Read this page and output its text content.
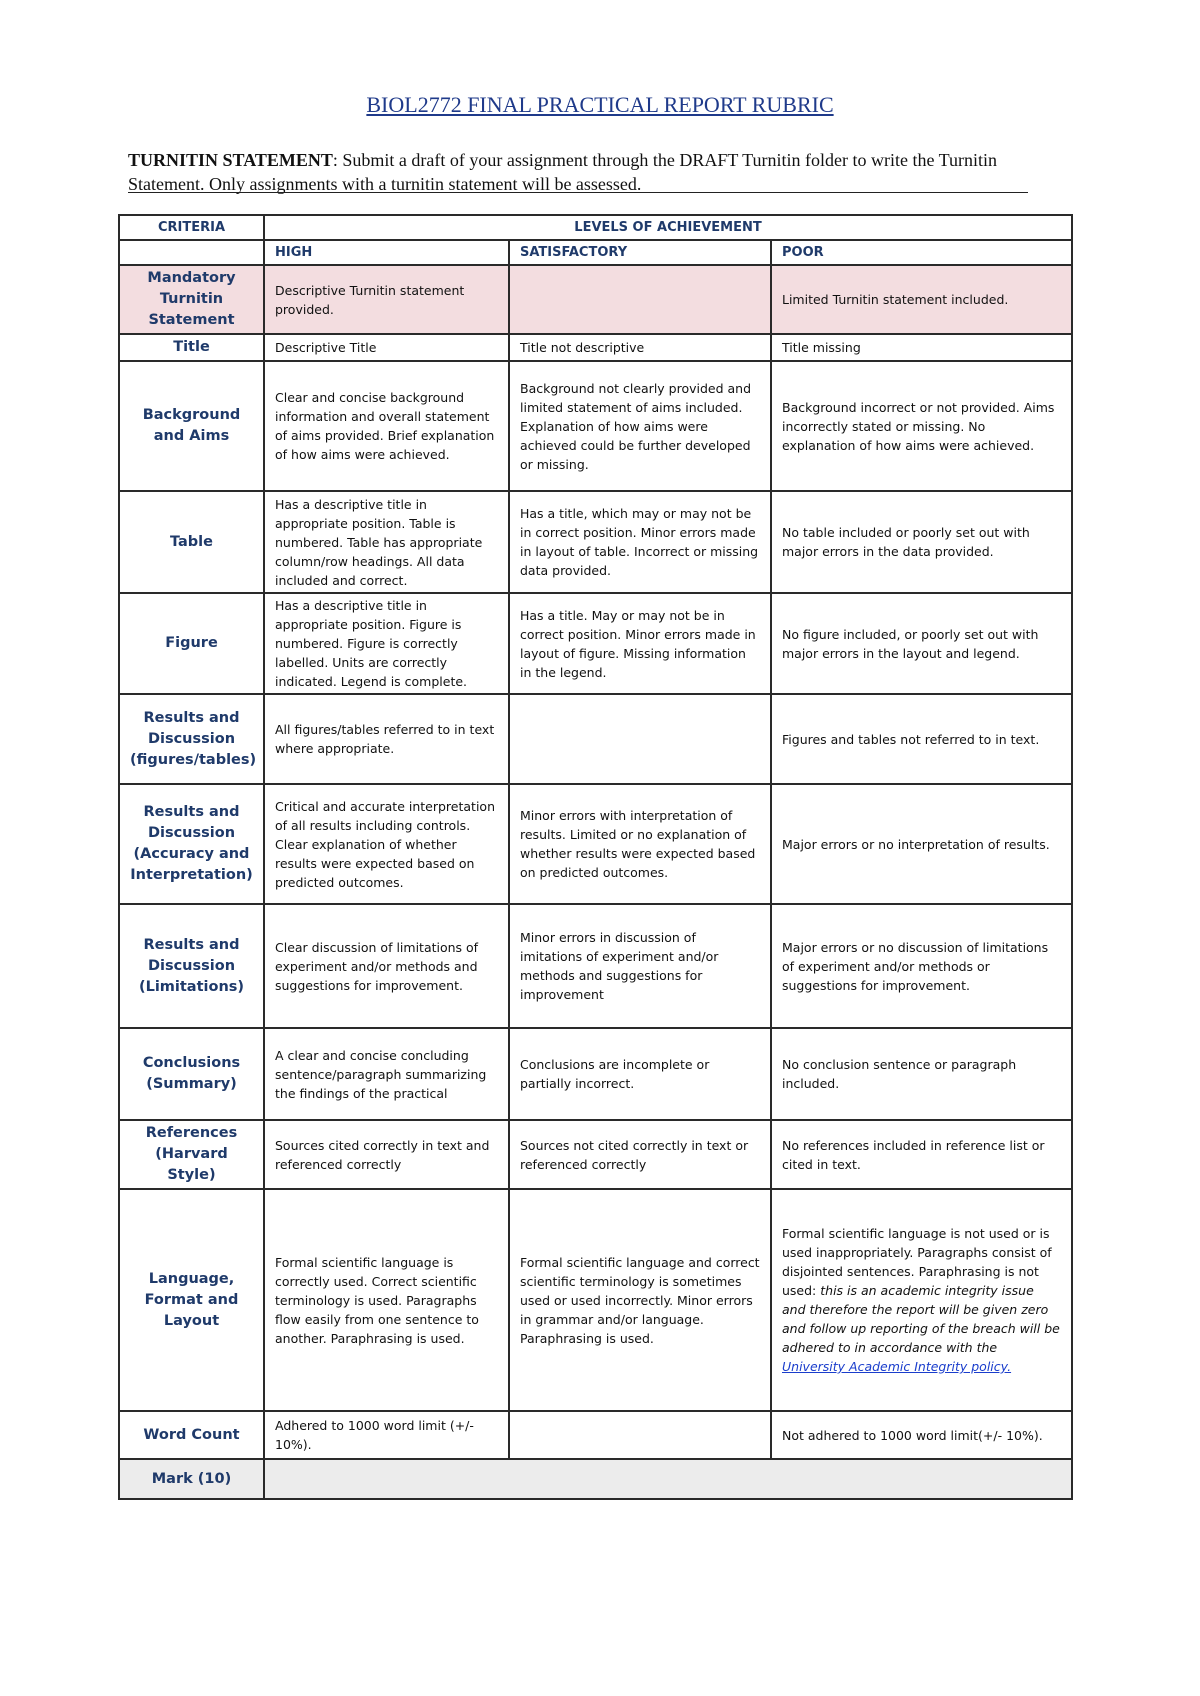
BIOL2772 FINAL PRACTICAL REPORT RUBRIC
TURNITIN STATEMENT: Submit a draft of your assignment through the DRAFT Turnitin folder to write the Turnitin Statement. Only assignments with a turnitin statement will be assessed.
CRITERIA	LEVELS OF ACHIEVEMENT		
	HIGH	SATISFACTORY	POOR
Mandatory Turnitin Statement	Descriptive Turnitin statement provided.		Limited Turnitin statement included.
Title	Descriptive Title	Title not descriptive	Title missing
Background and Aims	Clear and concise background information and overall statement of aims provided. Brief explanation of how aims were achieved.	Background not clearly provided and limited statement of aims included. Explanation of how aims were achieved could be further developed or missing.	Background incorrect or not provided. Aims incorrectly stated or missing. No explanation of how aims were achieved.
Table	Has a descriptive title in appropriate position. Table is numbered. Table has appropriate column/row headings. All data included and correct.	Has a title, which may or may not be in correct position. Minor errors made in layout of table. Incorrect or missing data provided.	No table included or poorly set out with major errors in the data provided.
Figure	Has a descriptive title in appropriate position. Figure is numbered. Figure is correctly labelled. Units are correctly indicated. Legend is complete.	Has a title. May or may not be in correct position. Minor errors made in layout of figure. Missing information in the legend.	No figure included, or poorly set out with major errors in the layout and legend.
Results and Discussion (figures/tables)	All figures/tables referred to in text where appropriate.		Figures and tables not referred to in text.
Results and Discussion (Accuracy and Interpretation)	Critical and accurate interpretation of all results including controls. Clear explanation of whether results were expected based on predicted outcomes.	Minor errors with interpretation of results. Limited or no explanation of whether results were expected based on predicted outcomes.	Major errors or no interpretation of results.
Results and Discussion (Limitations)	Clear discussion of limitations of experiment and/or methods and suggestions for improvement.	Minor errors in discussion of imitations of experiment and/or methods and suggestions for improvement	Major errors or no discussion of limitations of experiment and/or methods or suggestions for improvement.
Conclusions (Summary)	A clear and concise concluding sentence/paragraph summarizing the findings of the practical	Conclusions are incomplete or partially incorrect.	No conclusion sentence or paragraph included.
References (Harvard Style)	Sources cited correctly in text and referenced correctly	Sources not cited correctly in text or referenced correctly	No references included in reference list or cited in text.
Language, Format and Layout	Formal scientific language is correctly used. Correct scientific terminology is used. Paragraphs flow easily from one sentence to another. Paraphrasing is used.	Formal scientific language and correct scientific terminology is sometimes used or used incorrectly. Minor errors in grammar and/or language. Paraphrasing is used.	Formal scientific language is not used or is used inappropriately. Paragraphs consist of disjointed sentences. Paraphrasing is not used: this is an academic integrity issue and therefore the report will be given zero and follow up reporting of the breach will be adhered to in accordance with the University Academic Integrity policy.
Word Count	Adhered to 1000 word limit (+/- 10%).		Not adhered to 1000 word limit(+/- 10%).
Mark (10)			
